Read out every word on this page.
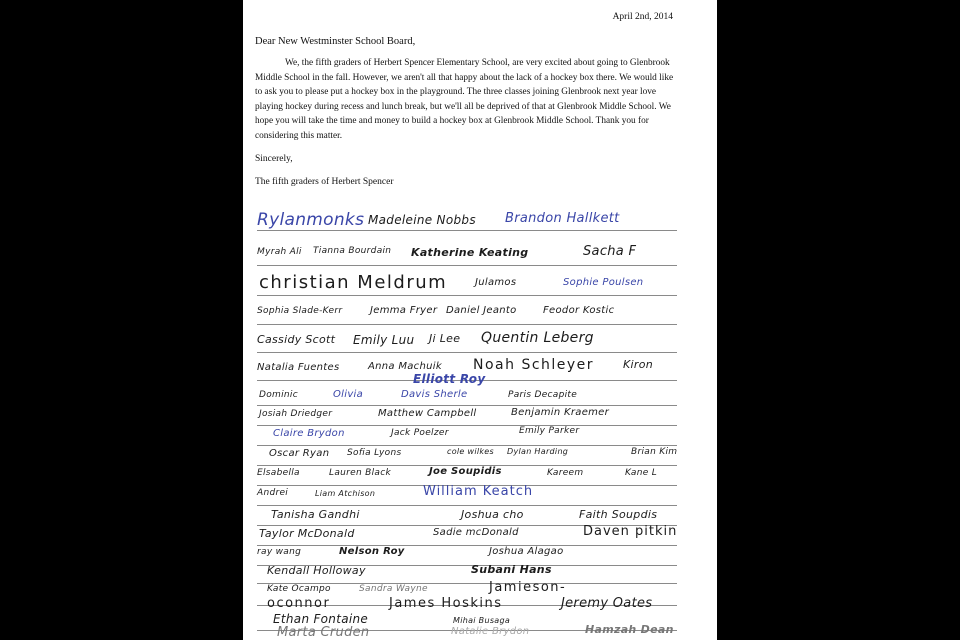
April 2nd, 2014
Dear New Westminster School Board,

We, the fifth graders of Herbert Spencer Elementary School, are very excited about going to Glenbrook Middle School in the fall. However, we aren't all that happy about the lack of a hockey box there. We would like to ask you to please put a hockey box in the playground. The three classes joining Glenbrook next year love playing hockey during recess and lunch break, but we'll all be deprived of that at Glenbrook Middle School. We hope you will take the time and money to build a hockey box at Glenbrook Middle School. Thank you for considering this matter.

Sincerely,
The fifth graders of Herbert Spencer
Rylanmonks Madeleine Nobbs Brandon Hallkett
Myrah Ali Tianna Bourdain Katherine Keating	Sacha F
christian Meldrum	Julamos	Sophie Poulsen
Sophia Slade-Kerr	Jemma Fryer Daniel Jeanto	Feodor Kostic
Cassidy Scott Emily Luu Ji Lee Quentin Leberg
Natalia Fuentes	Anna Machuik Noah Schleyer	Kiron
Elliott Roy
Dominic	Olivia	Davis Sherle	Paris Decapite
Josiah Driedger	Matthew Campbell	Benjamin Kraemer
Claire Brydon	Jack Poelzer	Emily Parker
Oscar Ryan Sofia Lyons	cole wilkes Dylan Harding	Brian Kim
Elsabella	Lauren Black	Joe Soupidis	Kareem	Kane L
Andrei	Liam Atchison	William Keatch
Tanisha Gandhi	Joshua cho	Faith Soupdis
Taylor McDonald	Sadie mcDonald	Daven pitkin
ray wang	Nelson Roy	Joshua Alagao
Kendall Holloway	Subani Hans
Kate Ocampo	Sandra Wayne	Jamieson-
oconnor	James Hoskins	Jeremy Oates
Ethan Fontaine	Mihai Busaga
Marta Cruden	Natalie Brydon	Hamzah Dean
